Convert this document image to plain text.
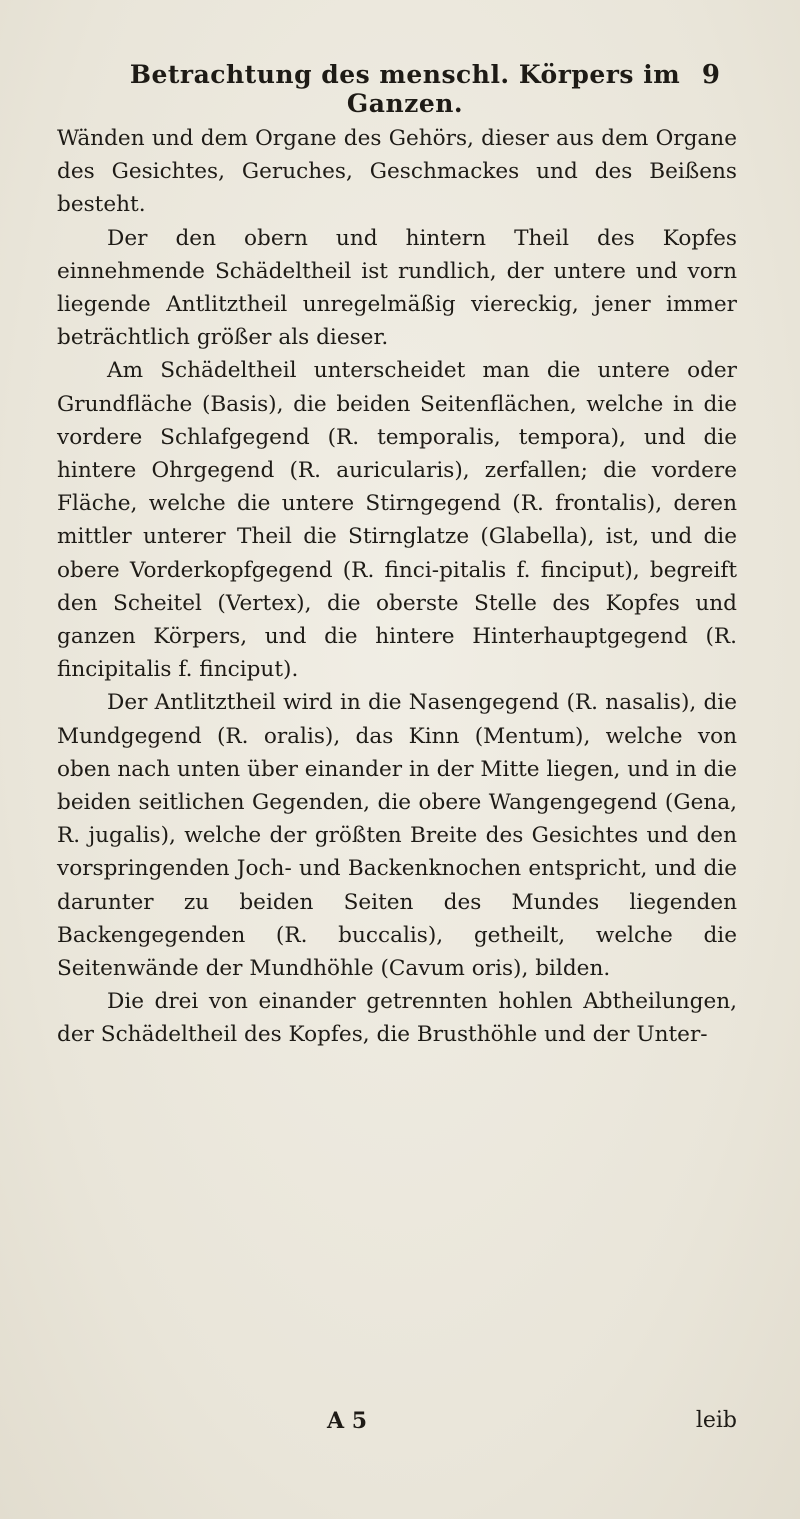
Betrachtung des menschl. Körpers im Ganzen.
9

Wänden und dem Organe des Gehörs, dieser aus dem Organe des Gesichtes, Geruches, Geschmackes und des Beißens besteht.

Der den obern und hintern Theil des Kopfes einnehmende Schädeltheil ist rundlich, der untere und vorn liegende Antlitztheil unregelmäßig viereckig, jener immer beträchtlich größer als dieser.

Am Schädeltheil unterscheidet man die untere oder Grundfläche (Basis), die beiden Seitenflächen, welche in die vordere Schlafgegend (R. temporalis, tempora), und die hintere Ohrgegend (R. auricularis), zerfallen; die vordere Fläche, welche die untere Stirngegend (R. frontalis), deren mittler unterer Theil die Stirnglatze (Glabella), ist, und die obere Vorderkopfgegend (R. finci-pitalis f. finciput), begreift den Scheitel (Vertex), die oberste Stelle des Kopfes und ganzen Körpers, und die hintere Hinterhauptgegend (R. fincipitalis f. finciput).

Der Antlitztheil wird in die Nasengegend (R. nasalis), die Mundgegend (R. oralis), das Kinn (Mentum), welche von oben nach unten über einander in der Mitte liegen, und in die beiden seitlichen Gegenden, die obere Wangengegend (Gena, R. jugalis), welche der größten Breite des Gesichtes und den vorspringenden Joch- und Backenknochen entspricht, und die darunter zu beiden Seiten des Mundes liegenden Backengegenden (R. buccalis), getheilt, welche die Seitenwände der Mundhöhle (Cavum oris), bilden.

Die drei von einander getrennten hohlen Abtheilungen, der Schädeltheil des Kopfes, die Brusthöhle und der Unter-

A 5	leib
